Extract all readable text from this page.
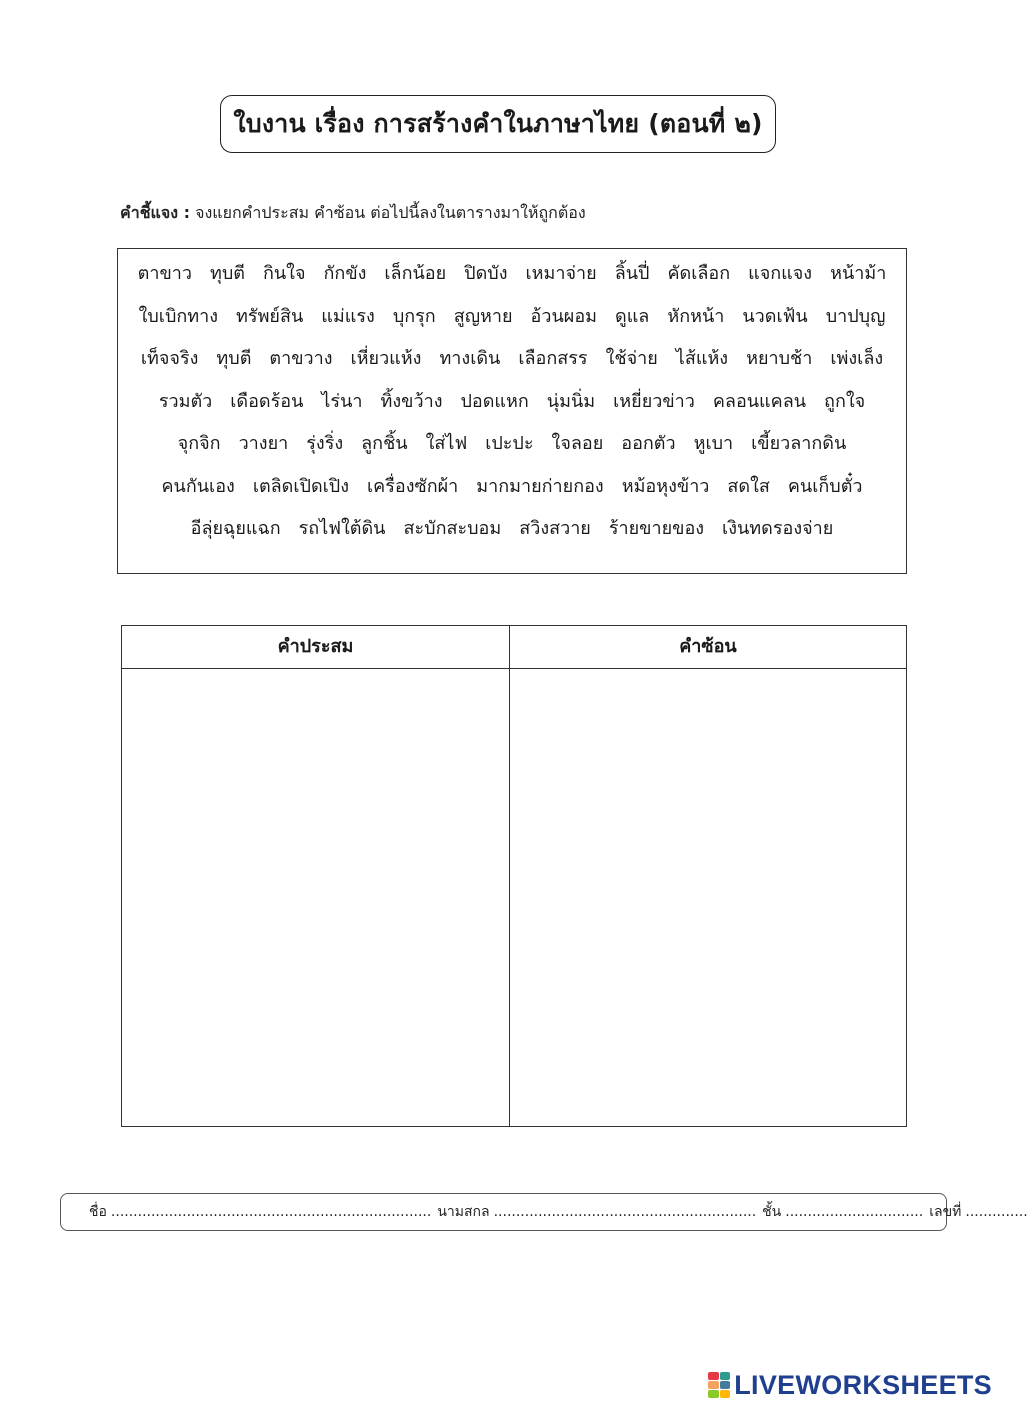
ใบงาน เรื่อง การสร้างคำในภาษาไทย (ตอนที่ ๒)
คำชี้แจง : จงแยกคำประสม คำซ้อน ต่อไปนี้ลงในตารางมาให้ถูกต้อง
ตาขาว ทุบตี กินใจ กักขัง เล็กน้อย ปิดบัง เหมาจ่าย ลิ้นปี่ คัดเลือก แจกแจง หน้าม้า
ใบเบิกทาง ทรัพย์สิน แม่แรง บุกรุก สูญหาย อ้วนผอม ดูแล หักหน้า นวดเฟ้น บาปบุญ
เท็จจริง ทุบตี ตาขวาง เหี่ยวแห้ง ทางเดิน เลือกสรร ใช้จ่าย ไส้แห้ง หยาบช้า เพ่งเล็ง
รวมตัว เดือดร้อน ไร่นา ทิ้งขว้าง ปอดแหก นุ่มนิ่ม เหยี่ยวข่าว คลอนแคลน ถูกใจ
จุกจิก วางยา รุ่งริ่ง ลูกชิ้น ใส่ไฟ เปะปะ ใจลอย ออกตัว หูเบา เขี้ยวลากดิน
คนกันเอง เตลิดเปิดเปิง เครื่องซักผ้า มากมายก่ายกอง หม้อหุงข้าว สดใส คนเก็บตั๋ว
อีลุ่ยฉุยแฉก รถไฟใต้ดิน สะบักสะบอม สวิงสวาย ร้ายขายของ เงินทดรองจ่าย
คำประสม	คำซ้อน
ชื่อ ........................................................................ นามสกล ........................................................... ชั้น ............................... เลขที่ ..............
LIVEWORKSHEETS
